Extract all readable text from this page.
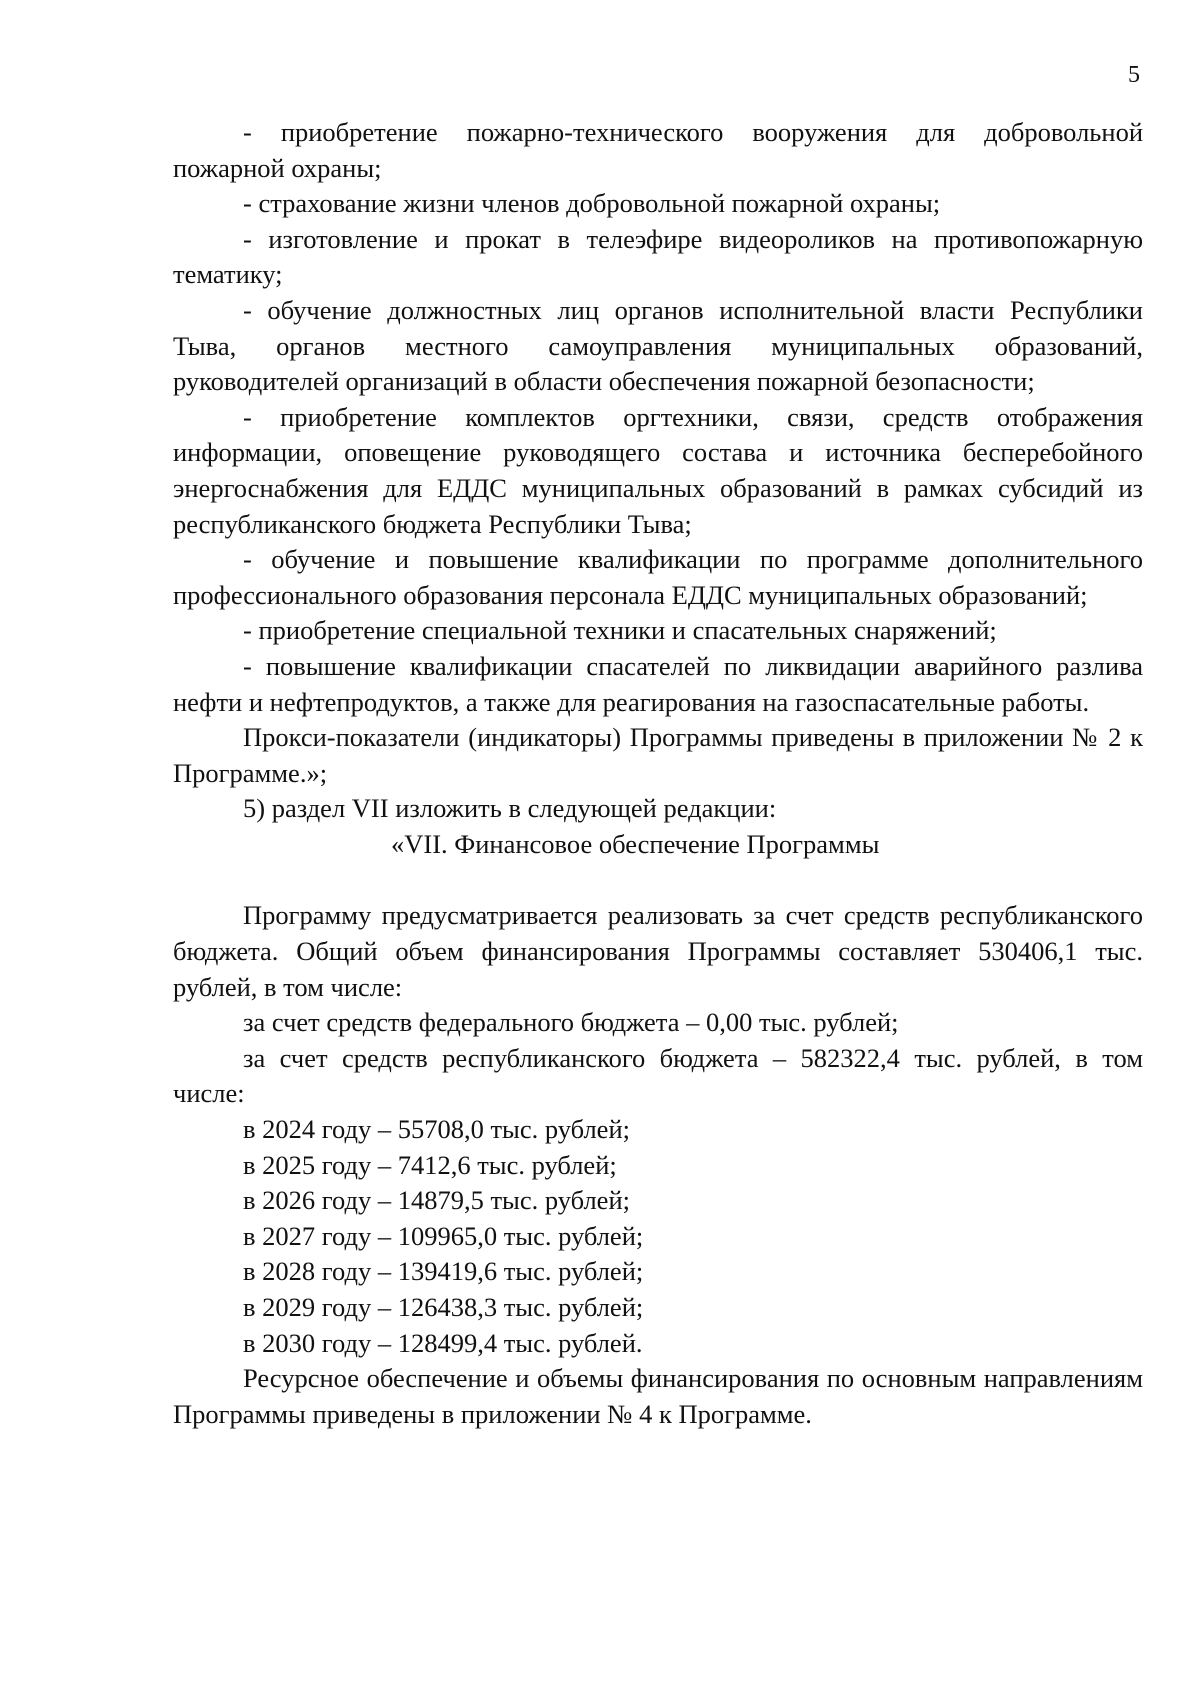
5

- приобретение пожарно-технического вооружения для добровольной пожарной охраны;

- страхование жизни членов добровольной пожарной охраны;

- изготовление и прокат в телеэфире видеороликов на противопожарную тематику;

- обучение должностных лиц органов исполнительной власти Республики Тыва, органов местного самоуправления муниципальных образований, руководителей организаций в области обеспечения пожарной безопасности;

- приобретение комплектов оргтехники, связи, средств отображения информации, оповещение руководящего состава и источника бесперебойного энергоснабжения для ЕДДС муниципальных образований в рамках субсидий из республиканского бюджета Республики Тыва;

- обучение и повышение квалификации по программе дополнительного профессионального образования персонала ЕДДС муниципальных образований;

- приобретение специальной техники и спасательных снаряжений;

- повышение квалификации спасателей по ликвидации аварийного разлива нефти и нефтепродуктов, а также для реагирования на газоспасательные работы.

Прокси-показатели (индикаторы) Программы приведены в приложении № 2 к Программе.»;

5) раздел VII изложить в следующей редакции:

«VII. Финансовое обеспечение Программы

Программу предусматривается реализовать за счет средств республиканского бюджета. Общий объем финансирования Программы составляет 530406,1 тыс. рублей, в том числе:

за счет средств федерального бюджета – 0,00 тыс. рублей;

за счет средств республиканского бюджета – 582322,4 тыс. рублей, в том числе:

в 2024 году – 55708,0 тыс. рублей;

в 2025 году – 7412,6 тыс. рублей;

в 2026 году – 14879,5 тыс. рублей;

в 2027 году – 109965,0 тыс. рублей;

в 2028 году – 139419,6 тыс. рублей;

в 2029 году – 126438,3 тыс. рублей;

в 2030 году – 128499,4 тыс. рублей.

Ресурсное обеспечение и объемы финансирования по основным направлениям Программы приведены в приложении № 4 к Программе.
